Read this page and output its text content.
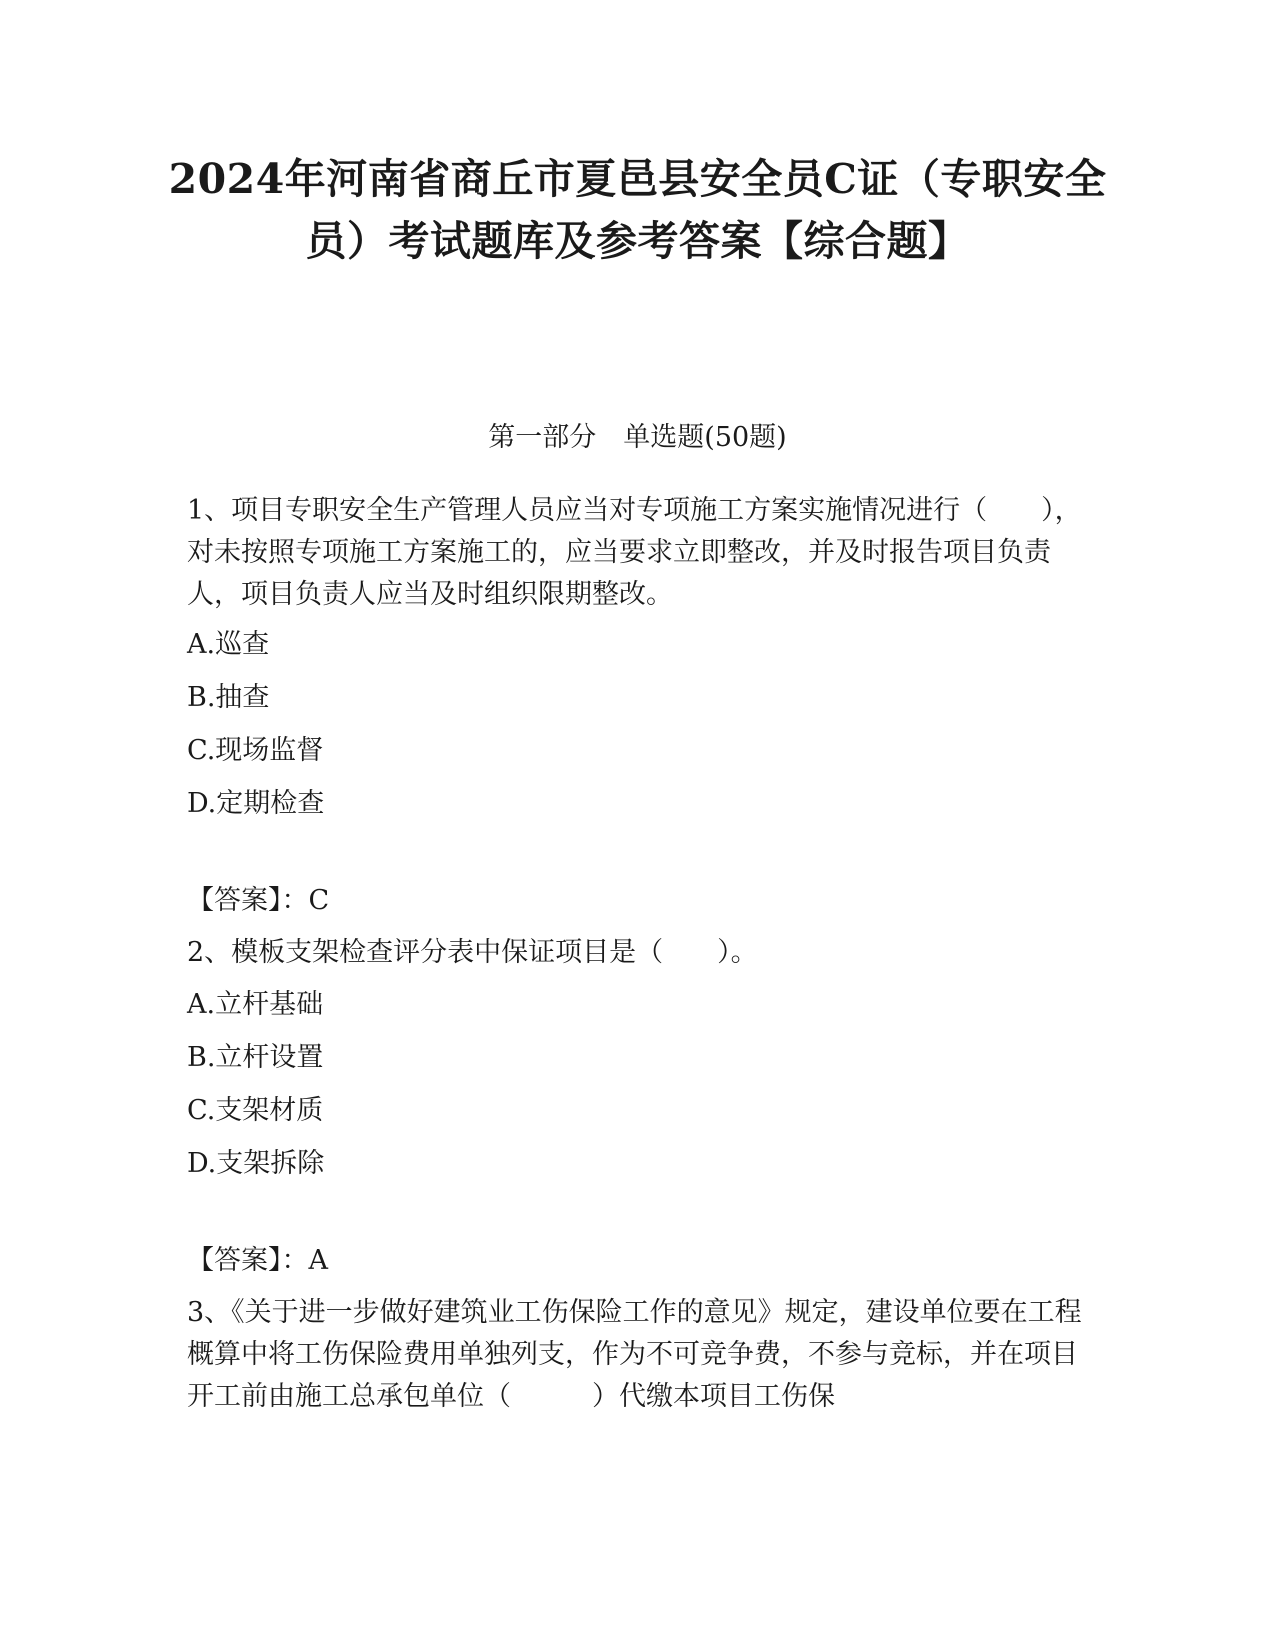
2024年河南省商丘市夏邑县安全员C证（专职安全员）考试题库及参考答案【综合题】
第一部分　单选题(50题)
1、项目专职安全生产管理人员应当对专项施工方案实施情况进行（　　），对未按照专项施工方案施工的，应当要求立即整改，并及时报告项目负责人，项目负责人应当及时组织限期整改。
A.巡查
B.抽查
C.现场监督
D.定期检查
【答案】：C
2、模板支架检查评分表中保证项目是（　　）。
A.立杆基础
B.立杆设置
C.支架材质
D.支架拆除
【答案】：A
3、《关于进一步做好建筑业工伤保险工作的意见》规定，建设单位要在工程概算中将工伤保险费用单独列支，作为不可竞争费，不参与竞标，并在项目开工前由施工总承包单位（　　　）代缴本项目工伤保
